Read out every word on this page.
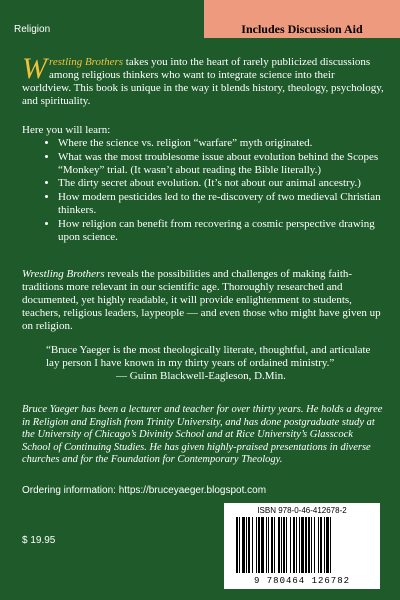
Religion	Includes Discussion Aid
Wrestling Brothers takes you into the heart of rarely publicized discussions among religious thinkers who want to integrate science into their worldview. This book is unique in the way it blends history, theology, psychology, and spirituality.
Here you will learn:
• Where the science vs. religion “warfare” myth originated.
• What was the most troublesome issue about evolution behind the Scopes “Monkey” trial. (It wasn’t about reading the Bible literally.)
• The dirty secret about evolution. (It’s not about our animal ancestry.)
• How modern pesticides led to the re-discovery of two medieval Christian thinkers.
• How religion can benefit from recovering a cosmic perspective drawing upon science.
Wrestling Brothers reveals the possibilities and challenges of making faith-traditions more relevant in our scientific age. Thoroughly researched and documented, yet highly readable, it will provide enlightenment to students, teachers, religious leaders, laypeople — and even those who might have given up on religion.
“Bruce Yaeger is the most theologically literate, thoughtful, and articulate lay person I have known in my thirty years of ordained ministry.”
— Guinn Blackwell-Eagleson, D.Min.
Bruce Yaeger has been a lecturer and teacher for over thirty years. He holds a degree in Religion and English from Trinity University, and has done postgraduate study at the University of Chicago’s Divinity School and at Rice University’s Glasscock School of Continuing Studies. He has given highly-praised presentations in diverse churches and for the Foundation for Contemporary Theology.
Ordering information: https://bruceyaeger.blogspot.com
$ 19.95
ISBN 978-0-46-412678-2
9 780464 126782
